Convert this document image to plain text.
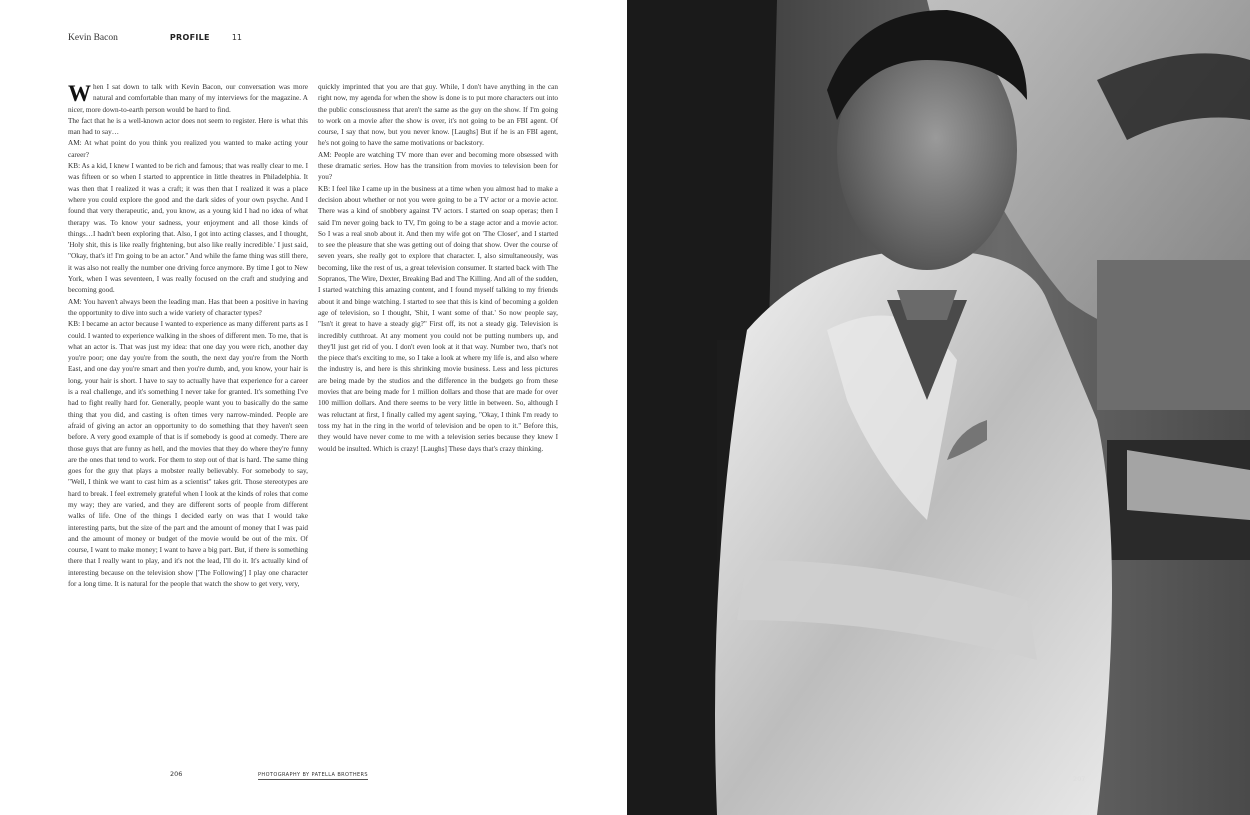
Kevin Bacon	PROFILE	11

When I sat down to talk with Kevin Bacon, our conversation was more natural and comfortable than many of my interviews for the magazine. A nicer, more down-to-earth person would be hard to find.

The fact that he is a well-known actor does not seem to register. Here is what this man had to say…

AM: At what point do you think you realized you wanted to make acting your career?

KB: As a kid, I knew I wanted to be rich and famous; that was really clear to me. I was fifteen or so when I started to apprentice in little theatres in Philadelphia. It was then that I realized it was a craft; it was then that I realized it was a place where you could explore the good and the dark sides of your own psyche. And I found that very therapeutic, and, you know, as a young kid I had no idea of what therapy was. To know your sadness, your enjoyment and all those kinds of things…I hadn't been exploring that. Also, I got into acting classes, and I thought, 'Holy shit, this is like really frightening, but also like really incredible.' I just said, "Okay, that's it! I'm going to be an actor." And while the fame thing was still there, it was also not really the number one driving force anymore. By time I got to New York, when I was seventeen, I was really focused on the craft and studying and becoming good.

AM: You haven't always been the leading man. Has that been a positive in having the opportunity to dive into such a wide variety of character types?

KB: I became an actor because I wanted to experience as many different parts as I could. I wanted to experience walking in the shoes of different men. To me, that is what an actor is. That was just my idea: that one day you were rich, another day you're poor; one day you're from the south, the next day you're from the North East, and one day you're smart and then you're dumb, and, you know, your hair is long, your hair is short. I have to say to actually have that experience for a career is a real challenge, and it's something I never take for granted. It's something I've had to fight really hard for. Generally, people want you to basically do the same thing that you did, and casting is often times very narrow-minded. People are afraid of giving an actor an opportunity to do something that they haven't seen before. A very good example of that is if somebody is good at comedy. There are those guys that are funny as hell, and the movies that they do where they're funny are the ones that tend to work. For them to step out of that is hard. The same thing goes for the guy that plays a mobster really believably. For somebody to say, "Well, I think we want to cast him as a scientist" takes grit. Those stereotypes are hard to break. I feel extremely grateful when I look at the kinds of roles that come my way; they are varied, and they are different sorts of people from different walks of life. One of the things I decided early on was that I would take interesting parts, but the size of the part and the amount of money that I was paid and the amount of money or budget of the movie would be out of the mix. Of course, I want to make money; I want to have a big part. But, if there is something there that I really want to play, and it's not the lead, I'll do it. It's actually kind of interesting because on the television show ['The Following'] I play one character for a long time. It is natural for the people that watch the show to get very, very,

quickly imprinted that you are that guy. While, I don't have anything in the can right now, my agenda for when the show is done is to put more characters out into the public consciousness that aren't the same as the guy on the show. If I'm going to work on a movie after the show is over, it's not going to be an FBI agent. Of course, I say that now, but you never know. [Laughs] But if he is an FBI agent, he's not going to have the same motivations or backstory.

AM: People are watching TV more than ever and becoming more obsessed with these dramatic series. How has the transition from movies to television been for you?

KB: I feel like I came up in the business at a time when you almost had to make a decision about whether or not you were going to be a TV actor or a movie actor. There was a kind of snobbery against TV actors. I started on soap operas; then I said I'm never going back to TV, I'm going to be a stage actor and a movie actor. So I was a real snob about it. And then my wife got on 'The Closer', and I started to see the pleasure that she was getting out of doing that show. Over the course of seven years, she really got to explore that character. I, also simultaneously, was becoming, like the rest of us, a great television consumer. It started back with The Sopranos, The Wire, Dexter, Breaking Bad and The Killing. And all of the sudden, I started watching this amazing content, and I found myself talking to my friends about it and binge watching. I started to see that this is kind of becoming a golden age of television, so I thought, 'Shit, I want some of that.' So now people say, "Isn't it great to have a steady gig?" First off, its not a steady gig. Television is incredibly cutthroat. At any moment you could not be putting numbers up, and they'll just get rid of you. I don't even look at it that way. Number two, that's not the piece that's exciting to me, so I take a look at where my life is, and also where the industry is, and here is this shrinking movie business. Less and less pictures are being made by the studios and the difference in the budgets go from these movies that are being made for 1 million dollars and those that are made for over 100 million dollars. And there seems to be very little in between. So, although I was reluctant at first, I finally called my agent saying, "Okay, I think I'm ready to toss my hat in the ring in the world of television and be open to it." Before this, they would have never come to me with a television series because they knew I would be insulted. Which is crazy! [Laughs] These days that's crazy thinking.

206	PHOTOGRAPHY BY PATELLA BROTHERS	207
